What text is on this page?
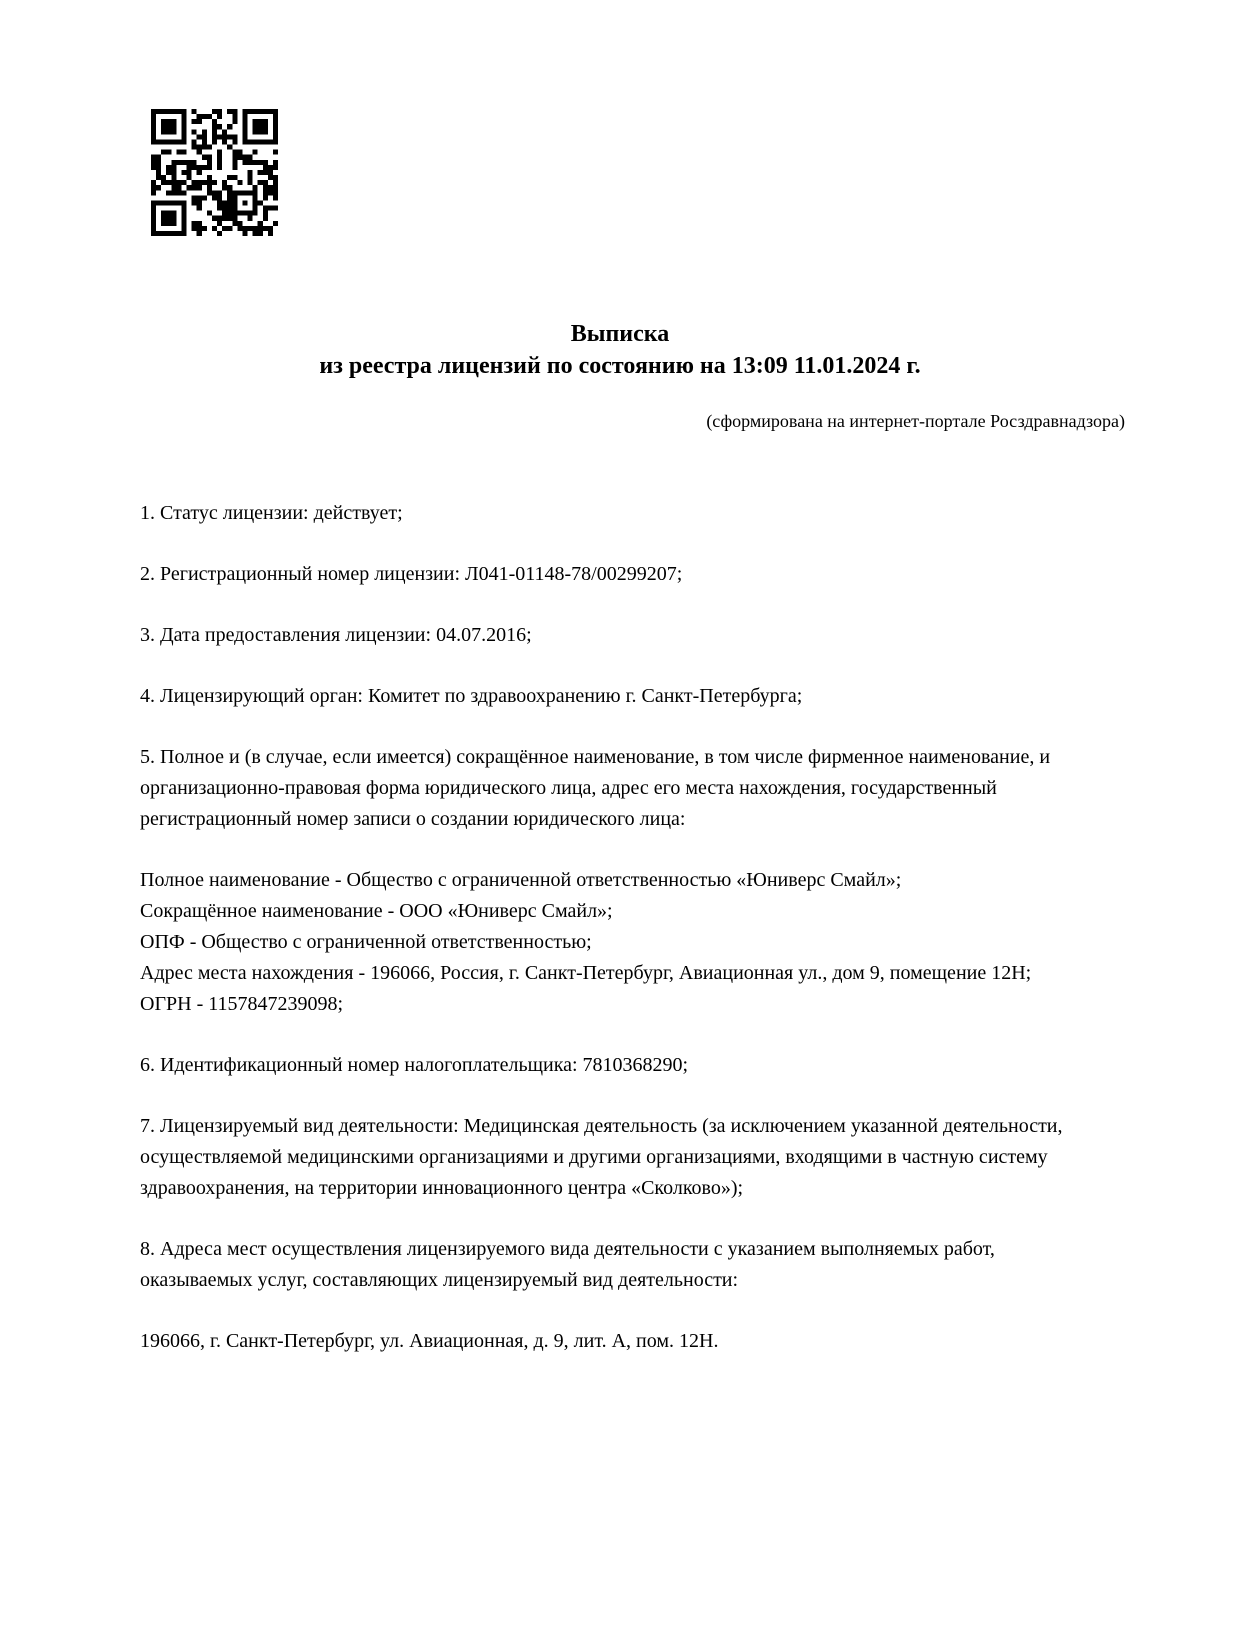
Выписка
из реестра лицензий по состоянию на 13:09 11.01.2024 г.
(сформирована на интернет-портале Росздравнадзора)

1. Статус лицензии: действует;

2. Регистрационный номер лицензии: Л041-01148-78/00299207;

3. Дата предоставления лицензии: 04.07.2016;

4. Лицензирующий орган: Комитет по здравоохранению г. Санкт-Петербурга;

5. Полное и (в случае, если имеется) сокращённое наименование, в том числе фирменное наименование, и организационно-правовая форма юридического лица, адрес его места нахождения, государственный регистрационный номер записи о создании юридического лица:

Полное наименование - Общество с ограниченной ответственностью «Юниверс Смайл»;
Сокращённое наименование - ООО «Юниверс Смайл»;
ОПФ - Общество с ограниченной ответственностью;
Адрес места нахождения - 196066, Россия, г. Санкт-Петербург, Авиационная ул., дом 9, помещение 12Н;
ОГРН - 1157847239098;

6. Идентификационный номер налогоплательщика: 7810368290;

7. Лицензируемый вид деятельности: Медицинская деятельность (за исключением указанной деятельности, осуществляемой медицинскими организациями и другими организациями, входящими в частную систему здравоохранения, на территории инновационного центра «Сколково»);

8. Адреса мест осуществления лицензируемого вида деятельности с указанием выполняемых работ, оказываемых услуг, составляющих лицензируемый вид деятельности:

196066, г. Санкт-Петербург, ул. Авиационная, д. 9, лит. А, пом. 12Н.
